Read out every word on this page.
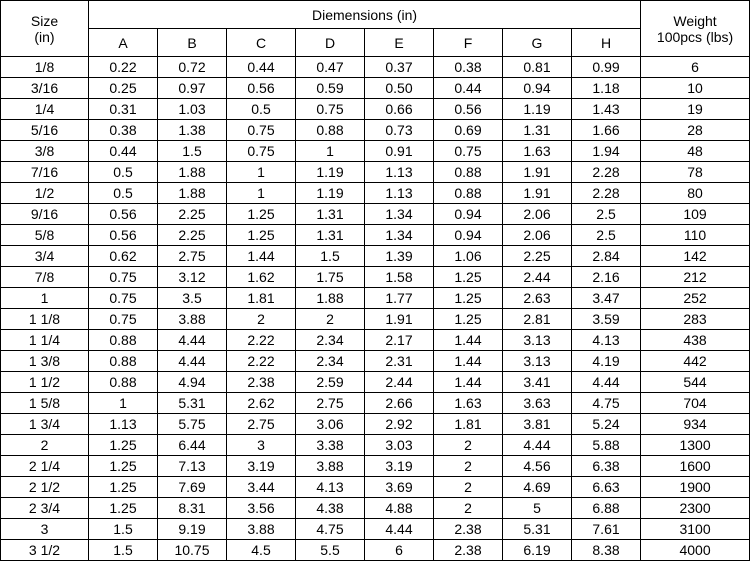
Size
(in)	Diemensions (in)								Weight
100pcs (lbs)

	A	B	C	D	E	F	G	H	
1/8	0.22	0.72	0.44	0.47	0.37	0.38	0.81	0.99	6
3/16	0.25	0.97	0.56	0.59	0.50	0.44	0.94	1.18	10
1/4	0.31	1.03	0.5	0.75	0.66	0.56	1.19	1.43	19
5/16	0.38	1.38	0.75	0.88	0.73	0.69	1.31	1.66	28
3/8	0.44	1.5	0.75	1	0.91	0.75	1.63	1.94	48
7/16	0.5	1.88	1	1.19	1.13	0.88	1.91	2.28	78
1/2	0.5	1.88	1	1.19	1.13	0.88	1.91	2.28	80
9/16	0.56	2.25	1.25	1.31	1.34	0.94	2.06	2.5	109
5/8	0.56	2.25	1.25	1.31	1.34	0.94	2.06	2.5	110
3/4	0.62	2.75	1.44	1.5	1.39	1.06	2.25	2.84	142
7/8	0.75	3.12	1.62	1.75	1.58	1.25	2.44	2.16	212
1	0.75	3.5	1.81	1.88	1.77	1.25	2.63	3.47	252
1 1/8	0.75	3.88	2	2	1.91	1.25	2.81	3.59	283
1 1/4	0.88	4.44	2.22	2.34	2.17	1.44	3.13	4.13	438
1 3/8	0.88	4.44	2.22	2.34	2.31	1.44	3.13	4.19	442
1 1/2	0.88	4.94	2.38	2.59	2.44	1.44	3.41	4.44	544
1 5/8	1	5.31	2.62	2.75	2.66	1.63	3.63	4.75	704
1 3/4	1.13	5.75	2.75	3.06	2.92	1.81	3.81	5.24	934
2	1.25	6.44	3	3.38	3.03	2	4.44	5.88	1300
2 1/4	1.25	7.13	3.19	3.88	3.19	2	4.56	6.38	1600
2 1/2	1.25	7.69	3.44	4.13	3.69	2	4.69	6.63	1900
2 3/4	1.25	8.31	3.56	4.38	4.88	2	5	6.88	2300
3	1.5	9.19	3.88	4.75	4.44	2.38	5.31	7.61	3100
3 1/2	1.5	10.75	4.5	5.5	6	2.38	6.19	8.38	4000
